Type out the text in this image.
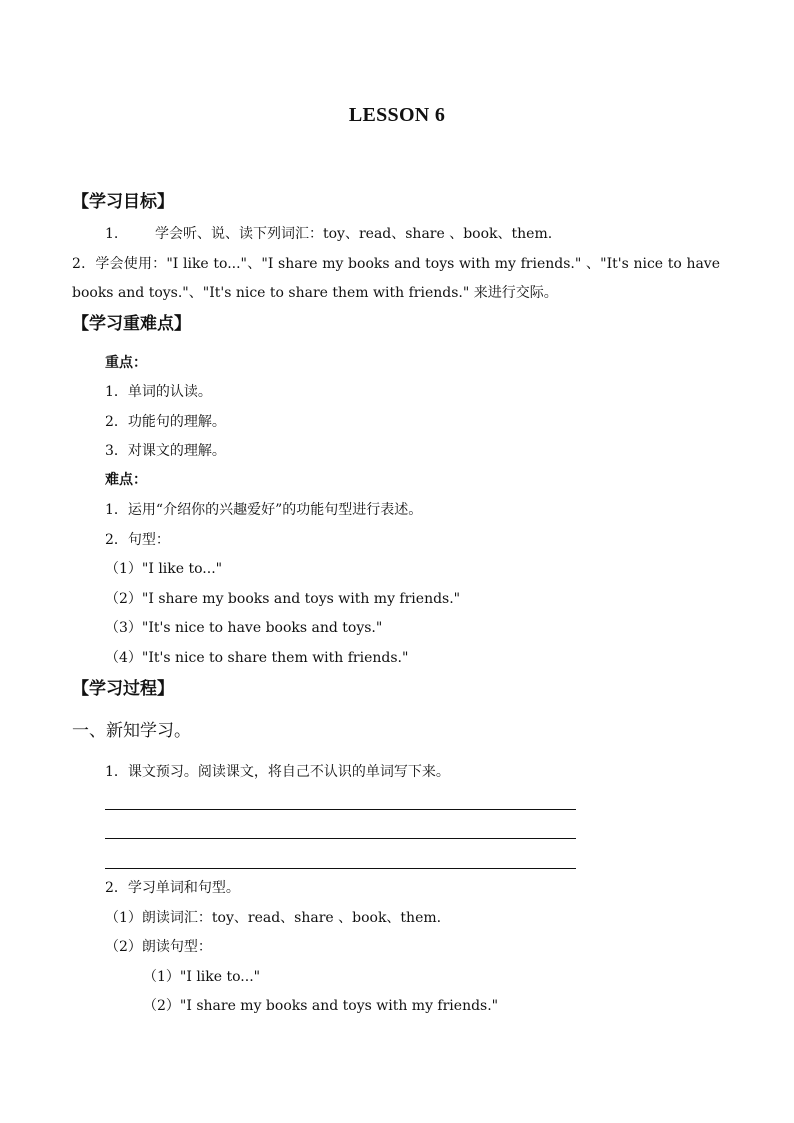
LESSON 6
【学习目标】
1.	学会听、说、读下列词汇：toy、read、share 、book、them.
2．学会使用："I like to..."、"I share my books and toys with my friends." 、"It's nice to have
books and toys."、"It's nice to share them with friends." 来进行交际。
【学习重难点】
重点：
1．单词的认读。
2．功能句的理解。
3．对课文的理解。
难点：
1．运用“介绍你的兴趣爱好”的功能句型进行表述。
2．句型：
（1）"I like to..."
（2）"I share my books and toys with my friends."
（3）"It's nice to have books and toys."
（4）"It's nice to share them with friends."
【学习过程】
一、新知学习。
1．课文预习。阅读课文，将自己不认识的单词写下来。
2．学习单词和句型。
（1）朗读词汇：toy、read、share 、book、them.
（2）朗读句型：
（1）"I like to..."
（2）"I share my books and toys with my friends."
